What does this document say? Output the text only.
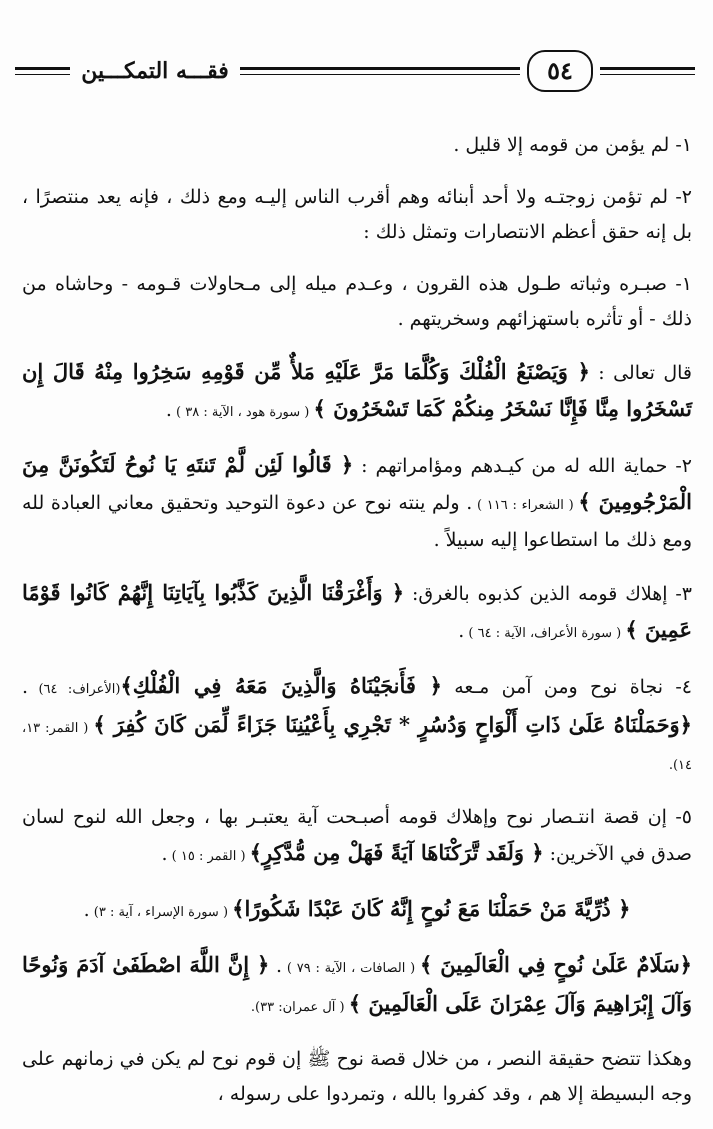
٥٤
فقـــه التمكـــين

١- لم يؤمن من قومه إلا قليل .

٢- لم تؤمن زوجتـه ولا أحد أبنائه وهم أقرب الناس إليـه ومع ذلك ، فإنه يعد منتصرًا ، بل إنه حقق أعظم الانتصارات وتمثل ذلك :

١- صبـره وثباته طـول هذه القرون ، وعـدم ميله إلى مـحاولات قـومه - وحاشاه من ذلك - أو تأثره باستهزائهم وسخريتهم .

قال تعالى : ﴿ وَيَصْنَعُ الْفُلْكَ وَكُلَّمَا مَرَّ عَلَيْهِ مَلأٌ مِّن قَوْمِهِ سَخِرُوا مِنْهُ قَالَ إِن تَسْخَرُوا مِنَّا فَإِنَّا نَسْخَرُ مِنكُمْ كَمَا تَسْخَرُونَ ﴾ ( سورة هود ، الآية : ٣٨ ) .

٢- حماية الله له من كيـدهم ومؤامراتهم : ﴿ قَالُوا لَئِن لَّمْ تَنتَهِ يَا نُوحُ لَتَكُونَنَّ مِنَ الْمَرْجُومِينَ ﴾ ( الشعراء : ١١٦ ) . ولم ينته نوح عن دعوة التوحيد وتحقيق معاني العبادة لله ومع ذلك ما استطاعوا إليه سبيلاً .

٣- إهلاك قومه الذين كذبوه بالغرق: ﴿ وَأَغْرَقْنَا الَّذِينَ كَذَّبُوا بِآيَاتِنَا إِنَّهُمْ كَانُوا قَوْمًا عَمِينَ ﴾ ( سورة الأعراف، الآية : ٦٤ ) .

٤- نجاة نوح ومن آمن مـعه ﴿ فَأَنجَيْنَاهُ وَالَّذِينَ مَعَهُ فِي الْفُلْكِ﴾(الأعراف: ٦٤) . ﴿وَحَمَلْنَاهُ عَلَىٰ ذَاتِ أَلْوَاحٍ وَدُسُرٍ * تَجْرِي بِأَعْيُنِنَا جَزَاءً لِّمَن كَانَ كُفِرَ ﴾ ( القمر: ١٣، ١٤).

٥- إن قصة انتـصار نوح وإهلاك قومه أصبـحت آية يعتبـر بها ، وجعل الله لنوح لسان صدق في الآخرين: ﴿ وَلَقَد تَّرَكْنَاهَا آيَةً فَهَلْ مِن مُّدَّكِرٍ﴾ ( القمر : ١٥ ) .

﴿ ذُرِّيَّةَ مَنْ حَمَلْنَا مَعَ نُوحٍ إِنَّهُ كَانَ عَبْدًا شَكُورًا﴾ ( سورة الإسراء ، آية : ٣) .

﴿سَلَامٌ عَلَىٰ نُوحٍ فِي الْعَالَمِينَ ﴾ ( الصافات ، الآية : ٧٩ ) . ﴿ إِنَّ اللَّهَ اصْطَفَىٰ آدَمَ وَنُوحًا وَآلَ إِبْرَاهِيمَ وَآلَ عِمْرَانَ عَلَى الْعَالَمِينَ ﴾ ( آل عمران: ٣٣).

وهكذا تتضح حقيقة النصر ، من خلال قصة نوح ﷺ إن قوم نوح لم يكن في زمانهم على وجه البسيطة إلا هم ، وقد كفروا بالله ، وتمردوا على رسوله ،
